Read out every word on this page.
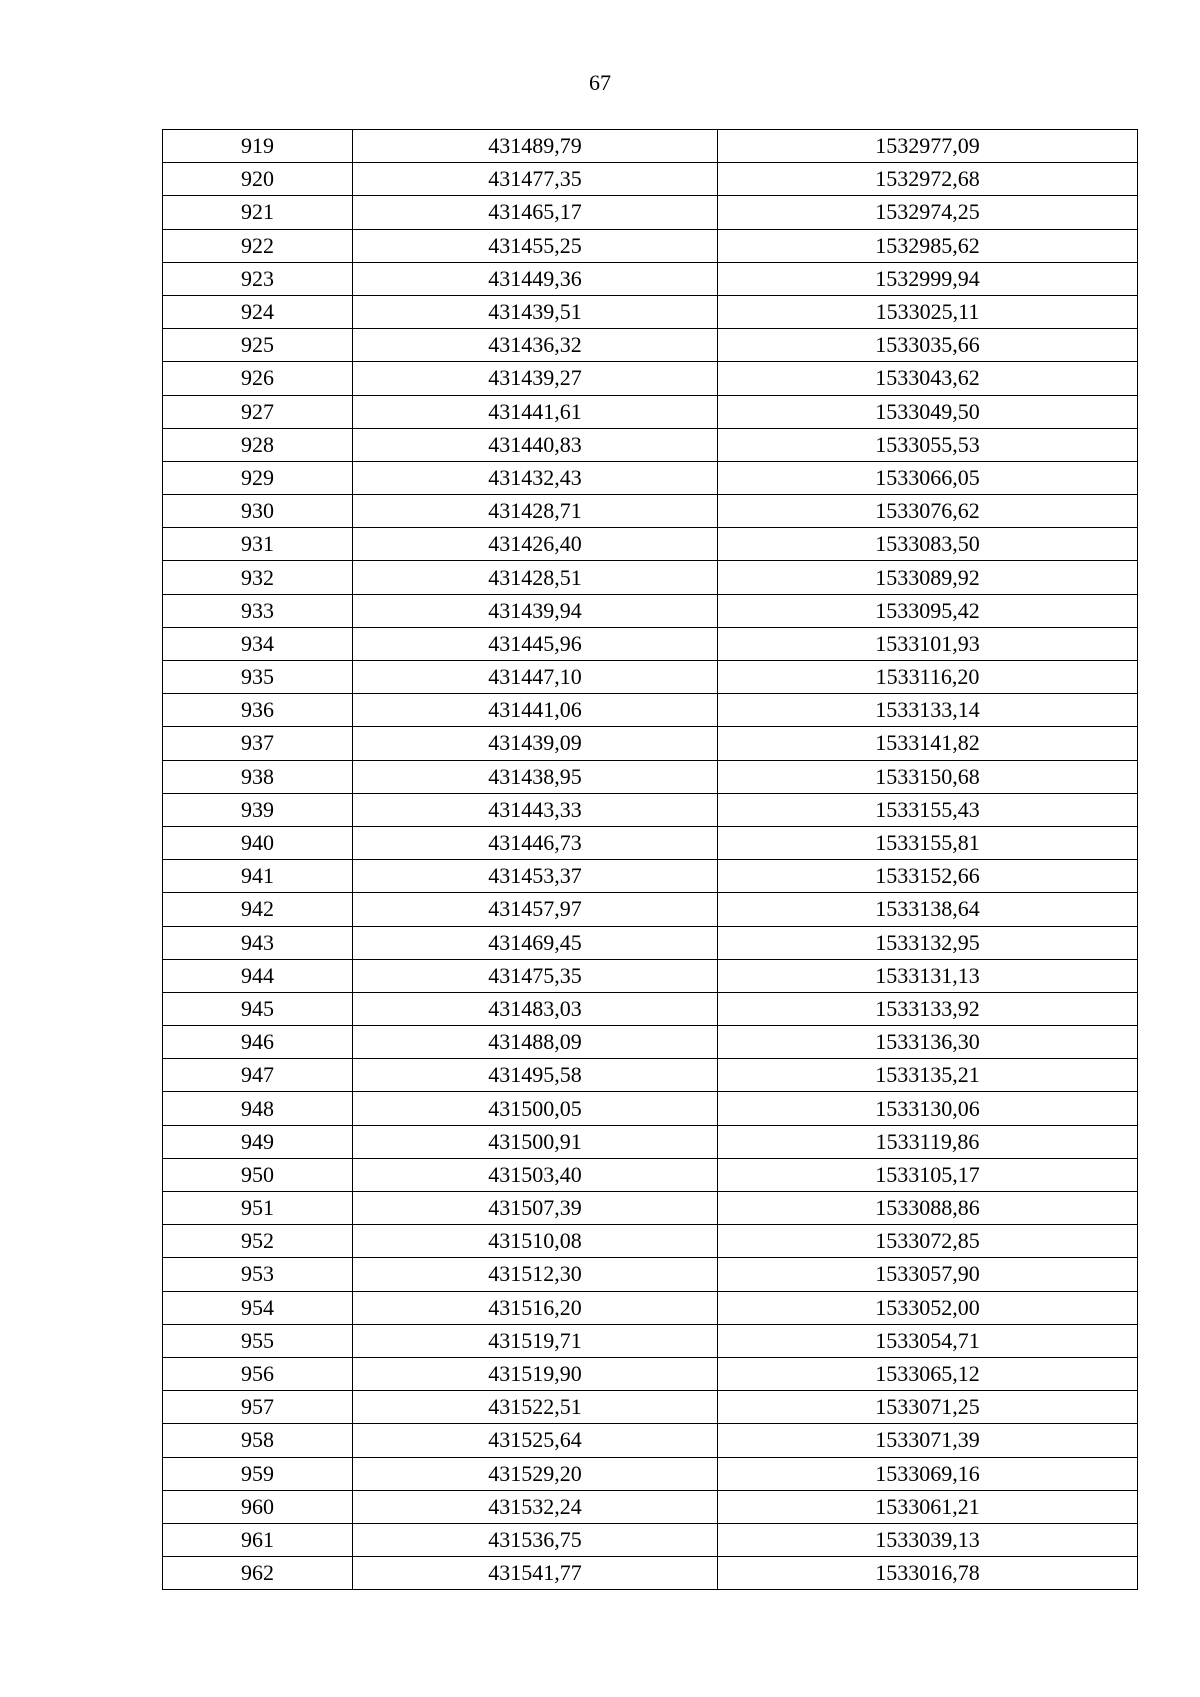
67
919	431489,79	1532977,09
920	431477,35	1532972,68
921	431465,17	1532974,25
922	431455,25	1532985,62
923	431449,36	1532999,94
924	431439,51	1533025,11
925	431436,32	1533035,66
926	431439,27	1533043,62
927	431441,61	1533049,50
928	431440,83	1533055,53
929	431432,43	1533066,05
930	431428,71	1533076,62
931	431426,40	1533083,50
932	431428,51	1533089,92
933	431439,94	1533095,42
934	431445,96	1533101,93
935	431447,10	1533116,20
936	431441,06	1533133,14
937	431439,09	1533141,82
938	431438,95	1533150,68
939	431443,33	1533155,43
940	431446,73	1533155,81
941	431453,37	1533152,66
942	431457,97	1533138,64
943	431469,45	1533132,95
944	431475,35	1533131,13
945	431483,03	1533133,92
946	431488,09	1533136,30
947	431495,58	1533135,21
948	431500,05	1533130,06
949	431500,91	1533119,86
950	431503,40	1533105,17
951	431507,39	1533088,86
952	431510,08	1533072,85
953	431512,30	1533057,90
954	431516,20	1533052,00
955	431519,71	1533054,71
956	431519,90	1533065,12
957	431522,51	1533071,25
958	431525,64	1533071,39
959	431529,20	1533069,16
960	431532,24	1533061,21
961	431536,75	1533039,13
962	431541,77	1533016,78
